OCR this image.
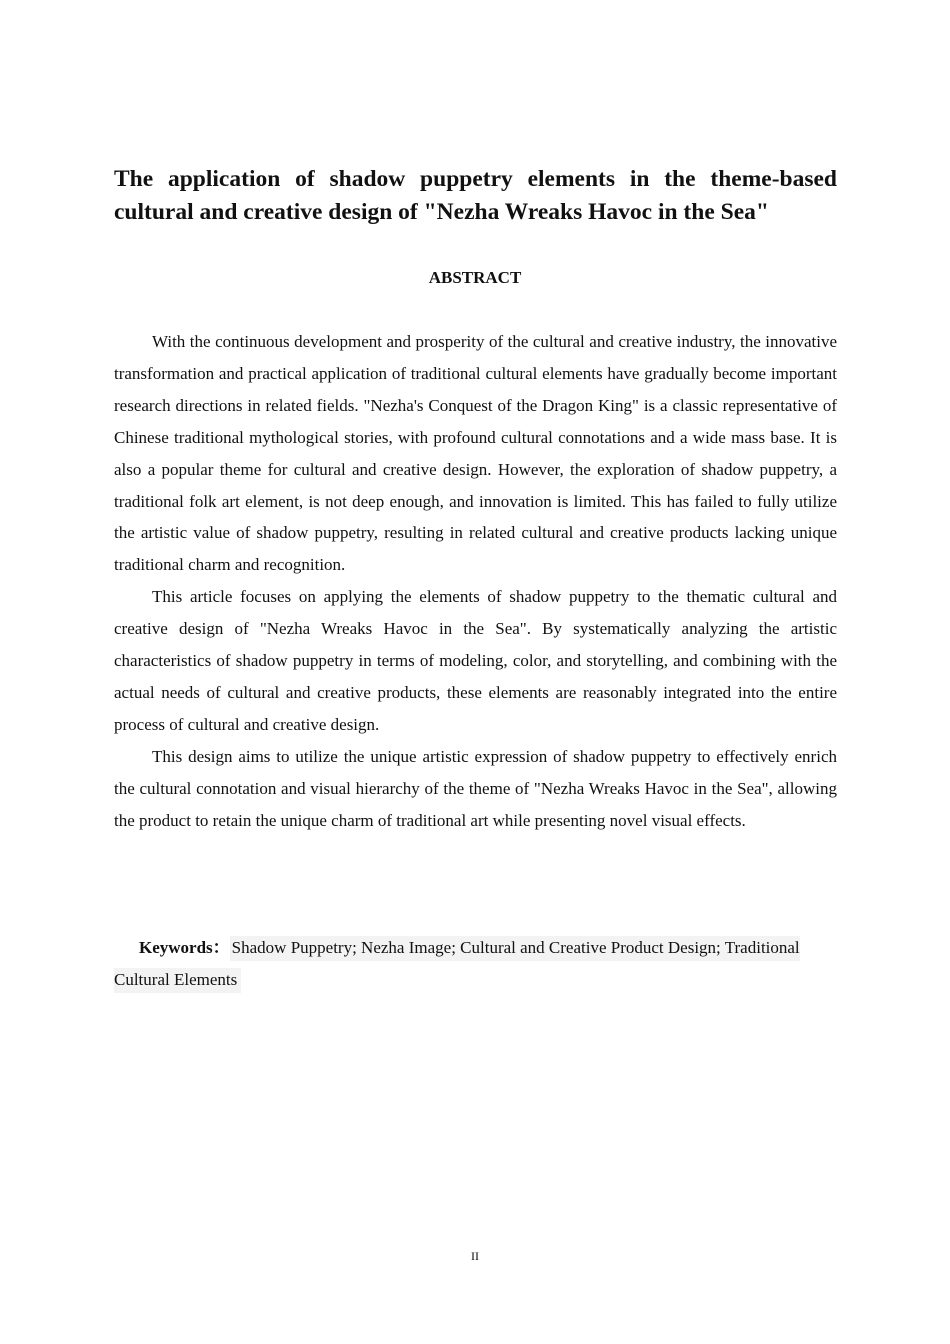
The application of shadow puppetry elements in the theme-based cultural and creative design of "Nezha Wreaks Havoc in the Sea"
ABSTRACT

With the continuous development and prosperity of the cultural and creative industry, the innovative transformation and practical application of traditional cultural elements have gradually become important research directions in related fields. "Nezha's Conquest of the Dragon King" is a classic representative of Chinese traditional mythological stories, with profound cultural connotations and a wide mass base. It is also a popular theme for cultural and creative design. However, the exploration of shadow puppetry, a traditional folk art element, is not deep enough, and innovation is limited. This has failed to fully utilize the artistic value of shadow puppetry, resulting in related cultural and creative products lacking unique traditional charm and recognition.

This article focuses on applying the elements of shadow puppetry to the thematic cultural and creative design of "Nezha Wreaks Havoc in the Sea". By systematically analyzing the artistic characteristics of shadow puppetry in terms of modeling, color, and storytelling, and combining with the actual needs of cultural and creative products, these elements are reasonably integrated into the entire process of cultural and creative design.

This design aims to utilize the unique artistic expression of shadow puppetry to effectively enrich the cultural connotation and visual hierarchy of the theme of "Nezha Wreaks Havoc in the Sea", allowing the product to retain the unique charm of traditional art while presenting novel visual effects.

Keywords： Shadow Puppetry; Nezha Image; Cultural and Creative Product Design; Traditional Cultural Elements

II
